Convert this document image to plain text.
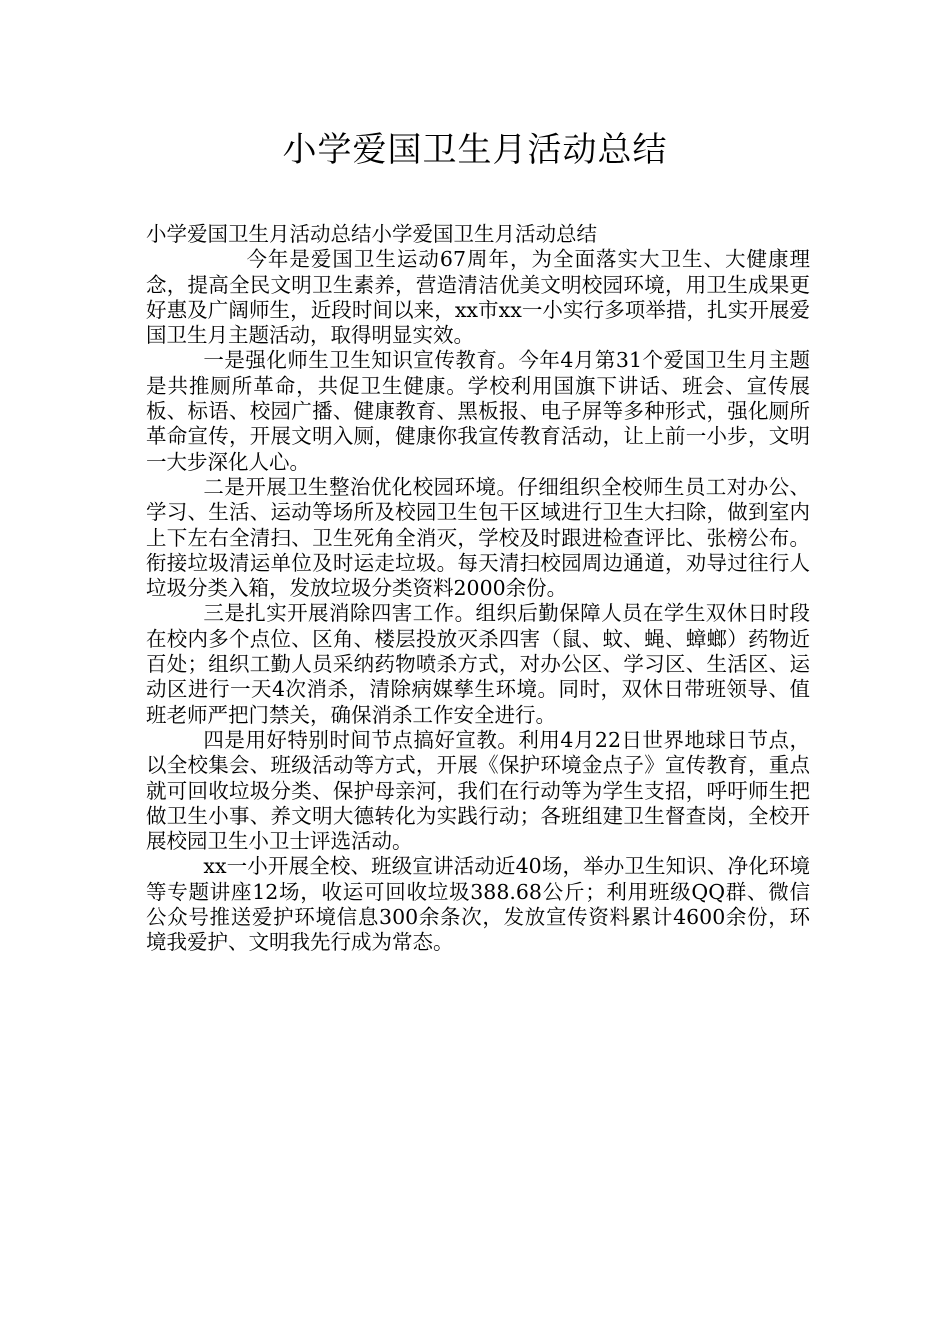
小学爱国卫生月活动总结

小学爱国卫生月活动总结小学爱国卫生月活动总结

今年是爱国卫生运动67周年，为全面落实大卫生、大健康理念，提高全民文明卫生素养，营造清洁优美文明校园环境，用卫生成果更好惠及广阔师生，近段时间以来，xx市xx一小实行多项举措，扎实开展爱国卫生月主题活动，取得明显实效。

一是强化师生卫生知识宣传教育。今年4月第31个爱国卫生月主题是共推厕所革命，共促卫生健康。学校利用国旗下讲话、班会、宣传展板、标语、校园广播、健康教育、黑板报、电子屏等多种形式，强化厕所革命宣传，开展文明入厕，健康你我宣传教育活动，让上前一小步，文明一大步深化人心。

二是开展卫生整治优化校园环境。仔细组织全校师生员工对办公、学习、生活、运动等场所及校园卫生包干区域进行卫生大扫除，做到室内上下左右全清扫、卫生死角全消灭，学校及时跟进检查评比、张榜公布。衔接垃圾清运单位及时运走垃圾。每天清扫校园周边通道，劝导过往行人垃圾分类入箱，发放垃圾分类资料2000余份。

三是扎实开展消除四害工作。组织后勤保障人员在学生双休日时段在校内多个点位、区角、楼层投放灭杀四害（鼠、蚊、蝇、蟑螂）药物近百处；组织工勤人员采纳药物喷杀方式，对办公区、学习区、生活区、运动区进行一天4次消杀，清除病媒孳生环境。同时，双休日带班领导、值班老师严把门禁关，确保消杀工作安全进行。

四是用好特别时间节点搞好宣教。利用4月22日世界地球日节点，以全校集会、班级活动等方式，开展《保护环境金点子》宣传教育，重点就可回收垃圾分类、保护母亲河，我们在行动等为学生支招，呼吁师生把做卫生小事、养文明大德转化为实践行动；各班组建卫生督查岗，全校开展校园卫生小卫士评选活动。

xx一小开展全校、班级宣讲活动近40场，举办卫生知识、净化环境等专题讲座12场，收运可回收垃圾388.68公斤；利用班级QQ群、微信公众号推送爱护环境信息300余条次，发放宣传资料累计4600余份，环境我爱护、文明我先行成为常态。
